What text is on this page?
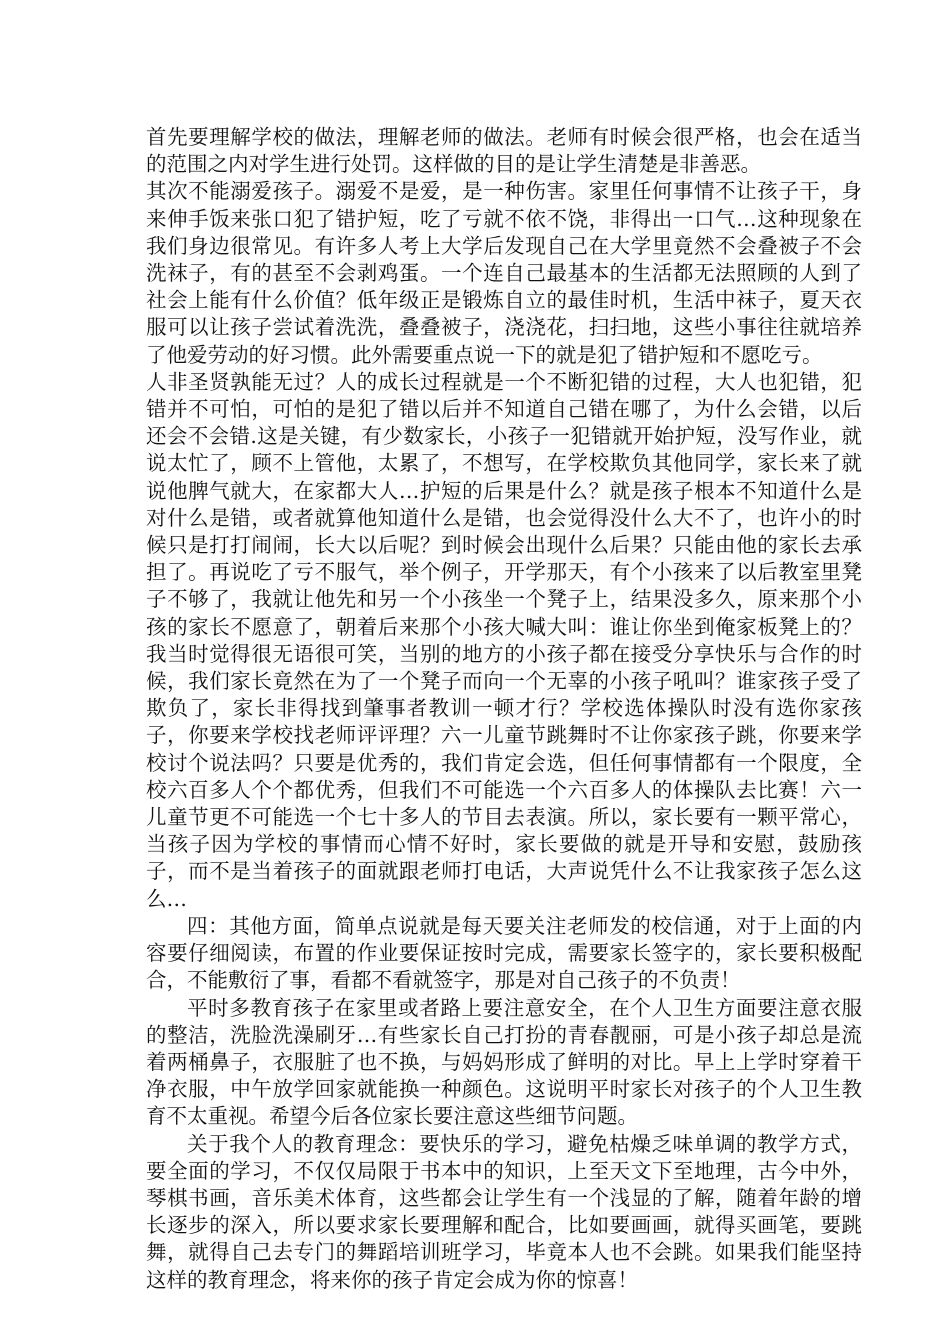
首先要理解学校的做法，理解老师的做法。老师有时候会很严格，也会在适当的范围之内对学生进行处罚。这样做的目的是让学生清楚是非善恶。

其次不能溺爱孩子。溺爱不是爱，是一种伤害。家里任何事情不让孩子干，身来伸手饭来张口犯了错护短，吃了亏就不依不饶，非得出一口气…这种现象在我们身边很常见。有许多人考上大学后发现自己在大学里竟然不会叠被子不会洗袜子，有的甚至不会剥鸡蛋。一个连自己最基本的生活都无法照顾的人到了社会上能有什么价值？低年级正是锻炼自立的最佳时机，生活中袜子，夏天衣服可以让孩子尝试着洗洗，叠叠被子，浇浇花，扫扫地，这些小事往往就培养了他爱劳动的好习惯。此外需要重点说一下的就是犯了错护短和不愿吃亏。

人非圣贤孰能无过？人的成长过程就是一个不断犯错的过程，大人也犯错，犯错并不可怕，可怕的是犯了错以后并不知道自己错在哪了，为什么会错，以后还会不会错.这是关键，有少数家长，小孩子一犯错就开始护短，没写作业，就说太忙了，顾不上管他，太累了，不想写，在学校欺负其他同学，家长来了就说他脾气就大，在家都大人…护短的后果是什么？就是孩子根本不知道什么是对什么是错，或者就算他知道什么是错，也会觉得没什么大不了，也许小的时候只是打打闹闹，长大以后呢？到时候会出现什么后果？只能由他的家长去承担了。再说吃了亏不服气，举个例子，开学那天，有个小孩来了以后教室里凳子不够了，我就让他先和另一个小孩坐一个凳子上，结果没多久，原来那个小孩的家长不愿意了，朝着后来那个小孩大喊大叫：谁让你坐到俺家板凳上的？我当时觉得很无语很可笑，当别的地方的小孩子都在接受分享快乐与合作的时候，我们家长竟然在为了一个凳子而向一个无辜的小孩子吼叫？谁家孩子受了欺负了，家长非得找到肇事者教训一顿才行？学校选体操队时没有选你家孩子，你要来学校找老师评评理？六一儿童节跳舞时不让你家孩子跳，你要来学校讨个说法吗？只要是优秀的，我们肯定会选，但任何事情都有一个限度，全校六百多人个个都优秀，但我们不可能选一个六百多人的体操队去比赛！六一儿童节更不可能选一个七十多人的节目去表演。所以，家长要有一颗平常心，当孩子因为学校的事情而心情不好时，家长要做的就是开导和安慰，鼓励孩子，而不是当着孩子的面就跟老师打电话，大声说凭什么不让我家孩子怎么这么…

四：其他方面，简单点说就是每天要关注老师发的校信通，对于上面的内容要仔细阅读，布置的作业要保证按时完成，需要家长签字的，家长要积极配合，不能敷衍了事，看都不看就签字，那是对自己孩子的不负责！

平时多教育孩子在家里或者路上要注意安全，在个人卫生方面要注意衣服的整洁，洗脸洗澡刷牙…有些家长自己打扮的青春靓丽，可是小孩子却总是流着两桶鼻子，衣服脏了也不换，与妈妈形成了鲜明的对比。早上上学时穿着干净衣服，中午放学回家就能换一种颜色。这说明平时家长对孩子的个人卫生教育不太重视。希望今后各位家长要注意这些细节问题。

关于我个人的教育理念：要快乐的学习，避免枯燥乏味单调的教学方式，要全面的学习，不仅仅局限于书本中的知识，上至天文下至地理，古今中外，琴棋书画，音乐美术体育，这些都会让学生有一个浅显的了解，随着年龄的增长逐步的深入，所以要求家长要理解和配合，比如要画画，就得买画笔，要跳舞，就得自己去专门的舞蹈培训班学习，毕竟本人也不会跳。如果我们能坚持这样的教育理念，将来你的孩子肯定会成为你的惊喜！
